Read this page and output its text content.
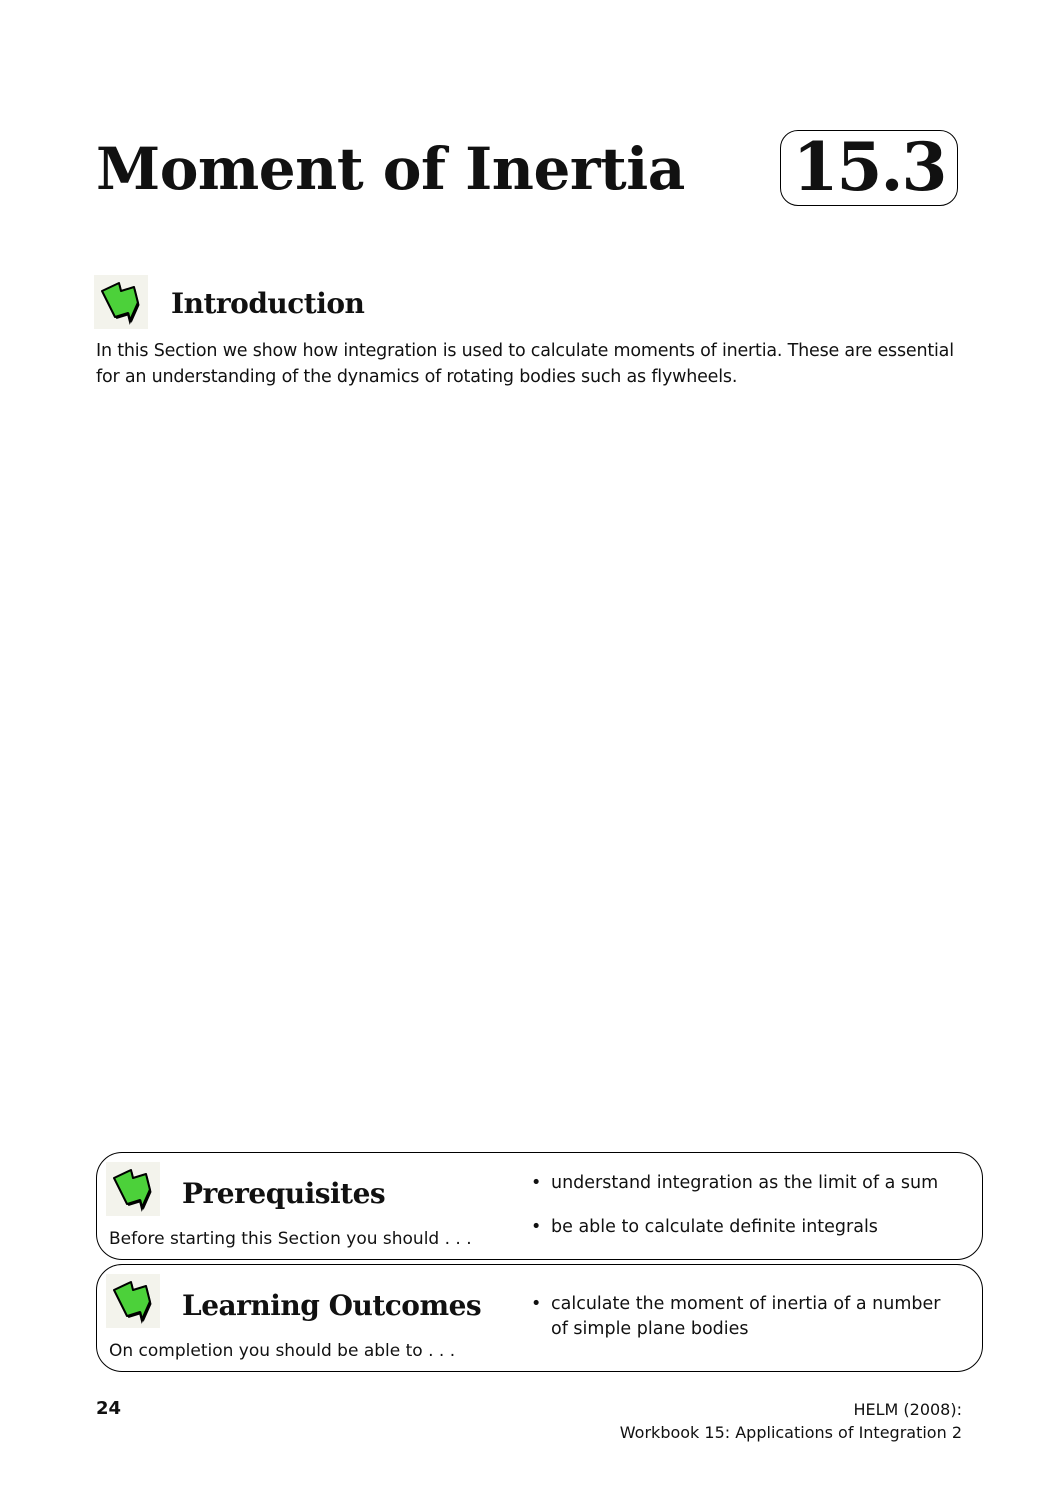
Moment of Inertia 15.3
Introduction
In this Section we show how integration is used to calculate moments of inertia. These are essential for an understanding of the dynamics of rotating bodies such as flywheels.
Prerequisites
Before starting this Section you should . . .
• understand integration as the limit of a sum
• be able to calculate definite integrals
Learning Outcomes
On completion you should be able to . . .
• calculate the moment of inertia of a number of simple plane bodies
24	HELM (2008):
Workbook 15: Applications of Integration 2
